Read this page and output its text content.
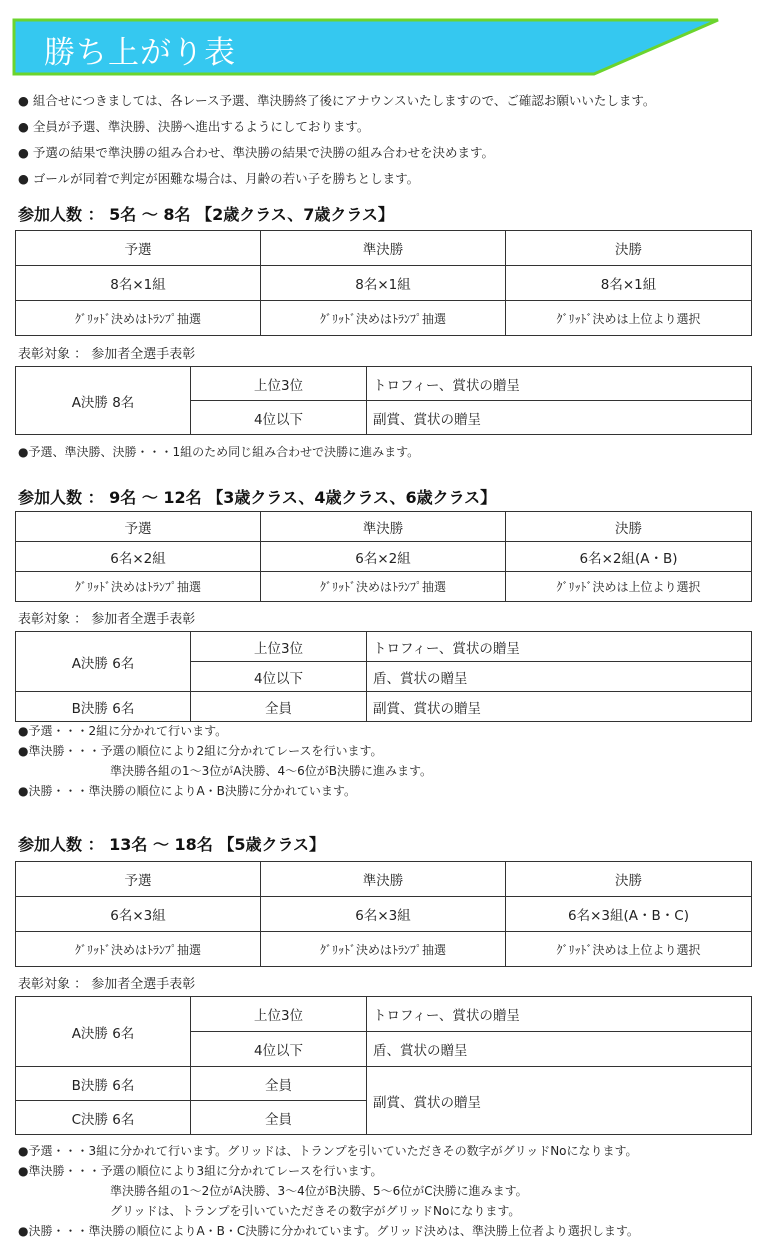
勝ち上がり表
● 組合せにつきましては、各レース予選、準決勝終了後にアナウンスいたしますので、ご確認お願いいたします。
● 全員が予選、準決勝、決勝へ進出するようにしております。
● 予選の結果で準決勝の組み合わせ、準決勝の結果で決勝の組み合わせを決めます。
● ゴールが同着で判定が困難な場合は、月齢の若い子を勝ちとします。
参加人数 ： 5名 ～ 8名 【2歳クラス、7歳クラス】
予選	準決勝	決勝
8名×1組	8名×1組	8名×1組
ｸﾞﾘｯﾄﾞ決めはﾄﾗﾝﾌﾟ抽選	ｸﾞﾘｯﾄﾞ決めはﾄﾗﾝﾌﾟ抽選	ｸﾞﾘｯﾄﾞ決めは上位より選択
表彰対象 ： 参加者全選手表彰
A決勝 8名	上位3位	トロフィー、賞状の贈呈
	4位以下	副賞、賞状の贈呈
●予選、準決勝、決勝・・・1組のため同じ組み合わせで決勝に進みます。
参加人数 ： 9名 ～ 12名 【3歳クラス、4歳クラス、6歳クラス】
予選	準決勝	決勝
6名×2組	6名×2組	6名×2組(A・B)
ｸﾞﾘｯﾄﾞ決めはﾄﾗﾝﾌﾟ抽選	ｸﾞﾘｯﾄﾞ決めはﾄﾗﾝﾌﾟ抽選	ｸﾞﾘｯﾄﾞ決めは上位より選択
表彰対象 ： 参加者全選手表彰
A決勝 6名	上位3位	トロフィー、賞状の贈呈
	4位以下	盾、賞状の贈呈
B決勝 6名	全員	副賞、賞状の贈呈
●予選・・・2組に分かれて行います。
●準決勝・・・予選の順位により2組に分かれてレースを行います。
準決勝各組の1～3位がA決勝、4～6位がB決勝に進みます。
●決勝・・・準決勝の順位によりA・B決勝に分かれています。
参加人数 ： 13名 ～ 18名 【5歳クラス】
予選	準決勝	決勝
6名×3組	6名×3組	6名×3組(A・B・C)
ｸﾞﾘｯﾄﾞ決めはﾄﾗﾝﾌﾟ抽選	ｸﾞﾘｯﾄﾞ決めはﾄﾗﾝﾌﾟ抽選	ｸﾞﾘｯﾄﾞ決めは上位より選択
表彰対象 ： 参加者全選手表彰
A決勝 6名	上位3位	トロフィー、賞状の贈呈
	4位以下	盾、賞状の贈呈
B決勝 6名	全員	副賞、賞状の贈呈
C決勝 6名	全員	
●予選・・・3組に分かれて行います。グリッドは、トランプを引いていただきその数字がグリッドNoになります。
●準決勝・・・予選の順位により3組に分かれてレースを行います。
準決勝各組の1～2位がA決勝、3～4位がB決勝、5～6位がC決勝に進みます。
グリッドは、トランプを引いていただきその数字がグリッドNoになります。
●決勝・・・準決勝の順位によりA・B・C決勝に分かれています。グリッド決めは、準決勝上位者より選択します。
